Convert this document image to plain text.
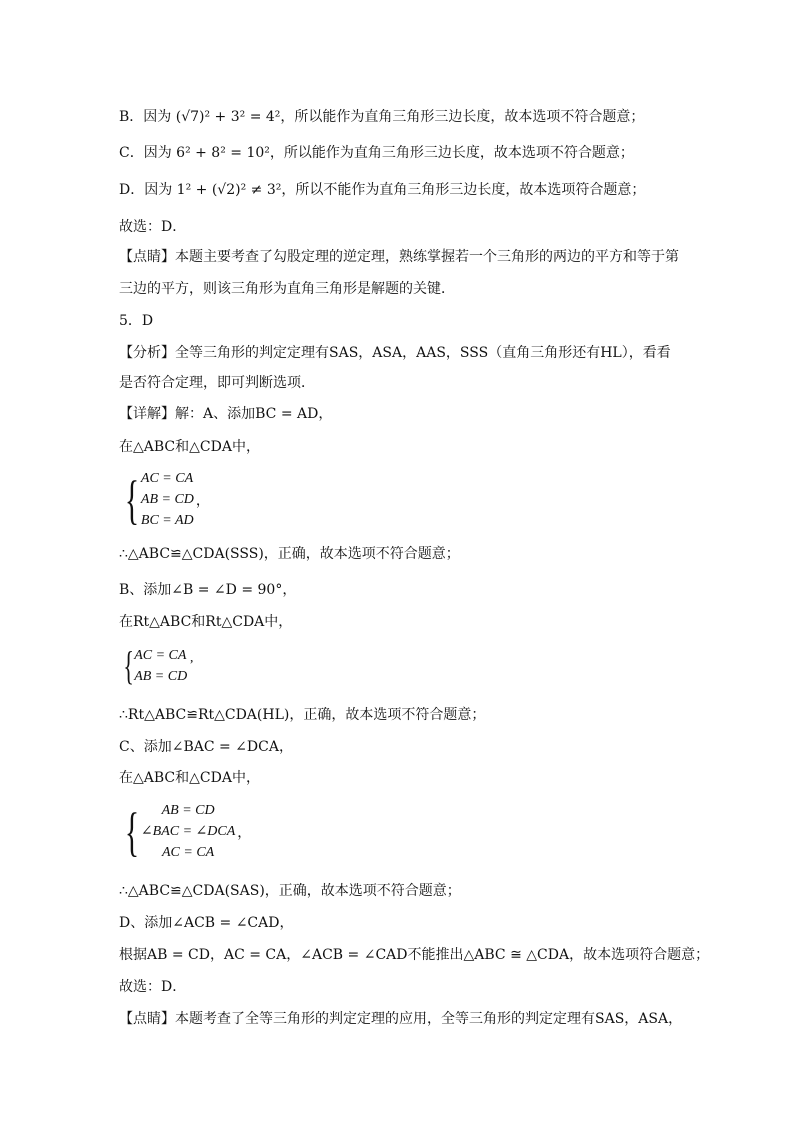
B．因为 (√7)² + 3² = 4²，所以能作为直角三角形三边长度，故本选项不符合题意；
C．因为 6² + 8² = 10²，所以能作为直角三角形三边长度，故本选项不符合题意；
D．因为 1² + (√2)² ≠ 3²，所以不能作为直角三角形三边长度，故本选项符合题意；
故选：D．
【点睛】本题主要考查了勾股定理的逆定理，熟练掌握若一个三角形的两边的平方和等于第
三边的平方，则该三角形为直角三角形是解题的关键．
5．D
【分析】全等三角形的判定定理有SAS，ASA，AAS，SSS（直角三角形还有HL），看看
是否符合定理，即可判断选项．
【详解】解：A、添加BC = AD，
在△ABC和△CDA中，
{ AC = CA
AB = CD
BC = AD
，
∴△ABC≌△CDA(SSS)，正确，故本选项不符合题意；
B、添加∠B = ∠D = 90°，
在Rt△ABC和Rt△CDA中，
{ AC = CA
AB = CD
’
∴Rt△ABC≌Rt△CDA(HL)，正确，故本选项不符合题意；
C、添加∠BAC = ∠DCA，
在△ABC和△CDA中，
{	AB = CD
∠BAC = ∠DCA
AC = CA
，
∴△ABC≌△CDA(SAS)，正确，故本选项不符合题意；
D、添加∠ACB = ∠CAD，
根据AB = CD，AC = CA，∠ACB = ∠CAD不能推出△ABC ≅ △CDA，故本选项符合题意；
故选：D．
【点睛】本题考查了全等三角形的判定定理的应用，全等三角形的判定定理有SAS，ASA，
